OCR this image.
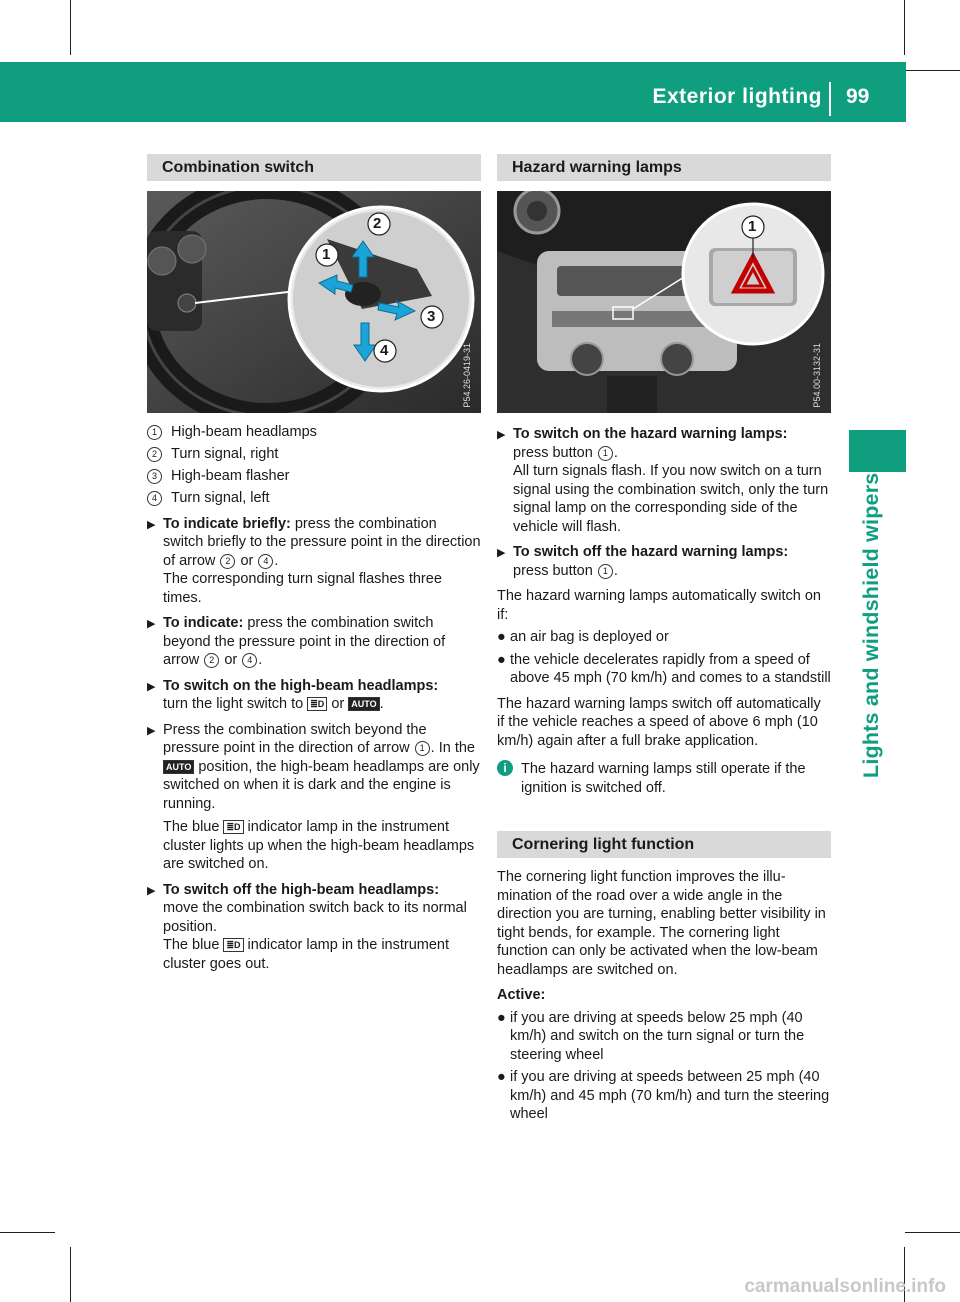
Exterior lighting 99
Lights and windshield wipers
Combination switch
2
1
3
4	P54.26-0419-31
1 High-beam headlamps
2 Turn signal, right
3 High-beam flasher
4 Turn signal, left
▶ To indicate briefly: press the combination switch briefly to the pressure point in the direction of arrow 2 or 4 .
The corresponding turn signal flashes three times.

▶ To indicate: press the combination switch beyond the pressure point in the direction of arrow 2 or 4 .

▶ To switch on the high-beam headlamps:
turn the light switch to ≣D or AUTO .

▶ Press the combination switch beyond the pressure point in the direction of arrow 1 . In the AUTO position, the high-beam headlamps are only switched on when it is dark and the engine is running.

The blue ≣D indicator lamp in the instrument cluster lights up when the high-beam headlamps are switched on.

▶ To switch off the high-beam headlamps:
move the combination switch back to its normal position.
The blue ≣D indicator lamp in the instrument cluster goes out.

Hazard warning lamps
1
P54.00-3132-31
▶ To switch on the hazard warning lamps:
press button 1 .
All turn signals flash. If you now switch on a turn signal using the combination switch, only the turn signal lamp on the corresponding side of the vehicle will flash.

▶ To switch off the hazard warning lamps:
press button 1 .

The hazard warning lamps automatically switch on if:

● an air bag is deployed or
● the vehicle decelerates rapidly from a speed of above 45 mph (70 km/h) and comes to a standstill

The hazard warning lamps switch off automatically if the vehicle reaches a speed of above 6 mph (10 km/h) again after a full brake application.

i The hazard warning lamps still operate if the ignition is switched off.
Cornering light function

The cornering light function improves the illumination of the road over a wide angle in the direction you are turning, enabling better visibility in tight bends, for example. The cornering light function can only be activated when the low-beam headlamps are switched on.

Active:

● if you are driving at speeds below 25 mph (40 km/h) and switch on the turn signal or turn the steering wheel
● if you are driving at speeds between 25 mph (40 km/h) and 45 mph (70 km/h) and turn the steering wheel
carmanualsonline.info
